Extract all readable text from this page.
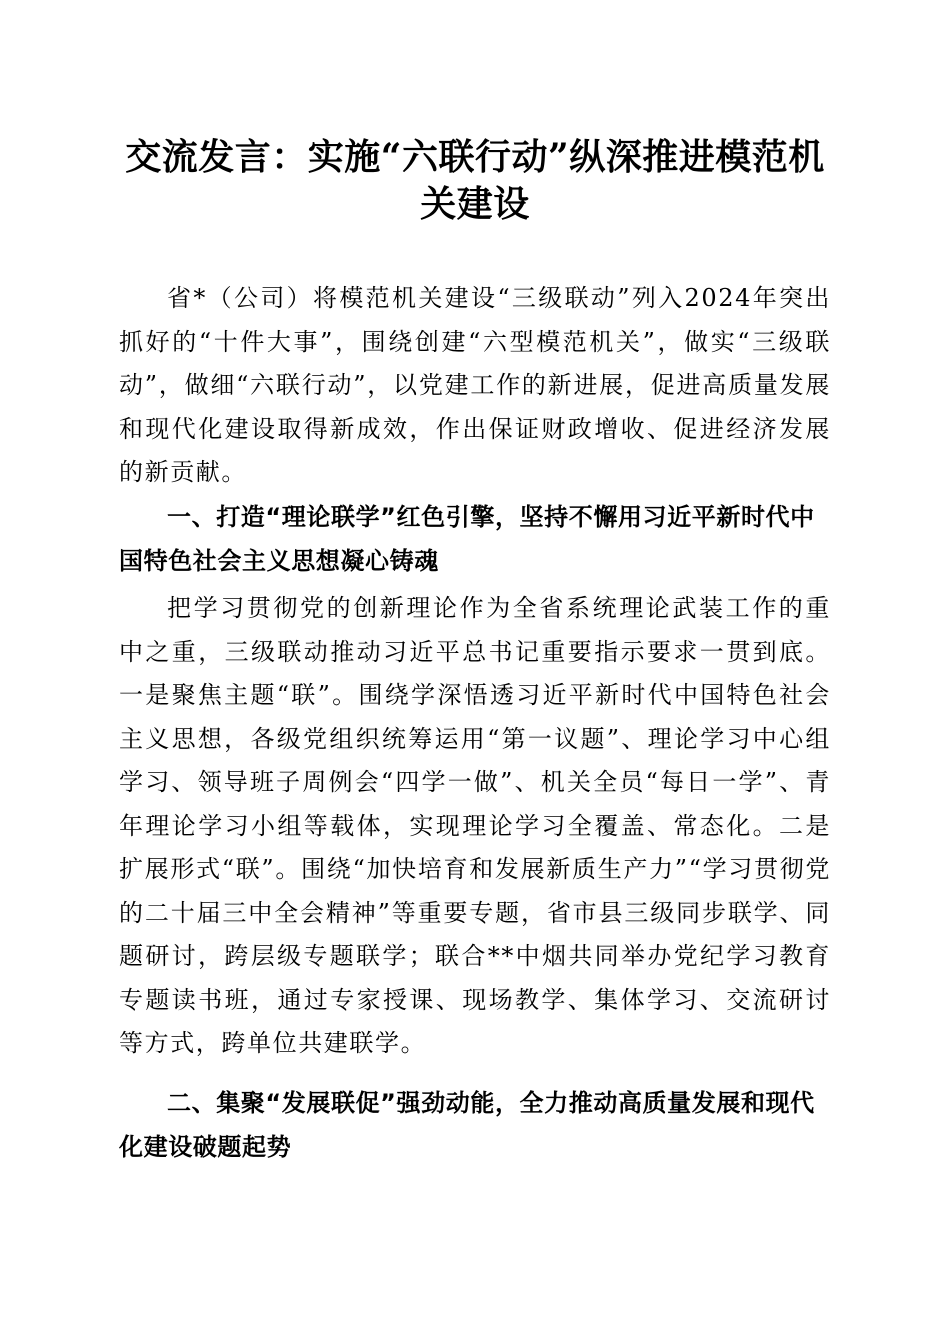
交流发言：实施“六联行动”纵深推进模范机关建设

省*（公司）将模范机关建设“三级联动”列入2024年突出抓好的“十件大事”，围绕创建“六型模范机关”，做实“三级联动”，做细“六联行动”，以党建工作的新进展，促进高质量发展和现代化建设取得新成效，作出保证财政增收、促进经济发展的新贡献。

一、打造“理论联学”红色引擎，坚持不懈用习近平新时代中国特色社会主义思想凝心铸魂

把学习贯彻党的创新理论作为全省系统理论武装工作的重中之重，三级联动推动习近平总书记重要指示要求一贯到底。一是聚焦主题“联”。围绕学深悟透习近平新时代中国特色社会主义思想，各级党组织统筹运用“第一议题”、理论学习中心组学习、领导班子周例会“四学一做”、机关全员“每日一学”、青年理论学习小组等载体，实现理论学习全覆盖、常态化。二是扩展形式“联”。围绕“加快培育和发展新质生产力”“学习贯彻党的二十届三中全会精神”等重要专题，省市县三级同步联学、同题研讨，跨层级专题联学；联合**中烟共同举办党纪学习教育专题读书班，通过专家授课、现场教学、集体学习、交流研讨等方式，跨单位共建联学。

二、集聚“发展联促”强劲动能，全力推动高质量发展和现代化建设破题起势
